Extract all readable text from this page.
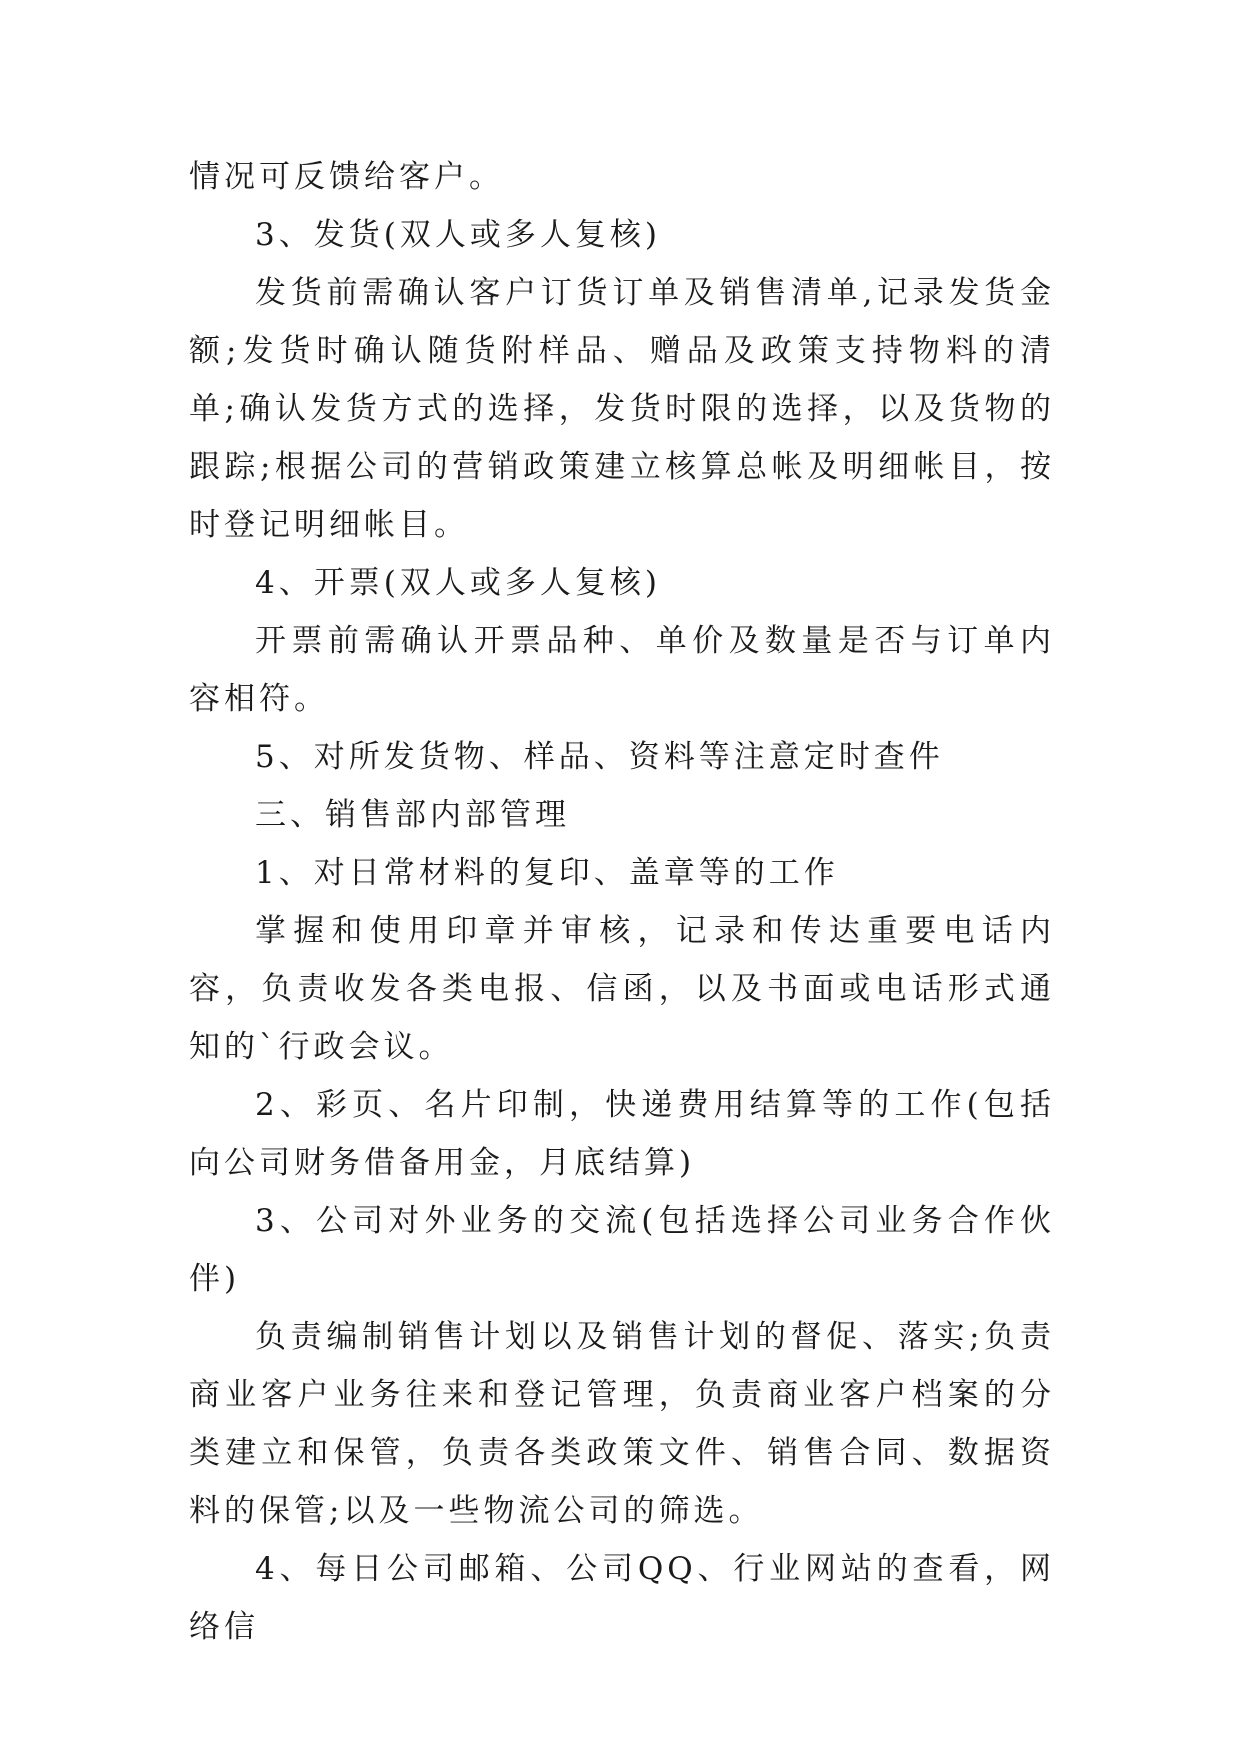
情况可反馈给客户。

3、发货(双人或多人复核)

发货前需确认客户订货订单及销售清单,记录发货金额;发货时确认随货附样品、赠品及政策支持物料的清单;确认发货方式的选择，发货时限的选择，以及货物的跟踪;根据公司的营销政策建立核算总帐及明细帐目，按时登记明细帐目。

4、开票(双人或多人复核)

开票前需确认开票品种、单价及数量是否与订单内容相符。

5、对所发货物、样品、资料等注意定时查件

三、销售部内部管理

1、对日常材料的复印、盖章等的工作

掌握和使用印章并审核，记录和传达重要电话内容，负责收发各类电报、信函，以及书面或电话形式通知的`行政会议。

2、彩页、名片印制，快递费用结算等的工作(包括向公司财务借备用金，月底结算)

3、公司对外业务的交流(包括选择公司业务合作伙伴)

负责编制销售计划以及销售计划的督促、落实;负责商业客户业务往来和登记管理，负责商业客户档案的分类建立和保管，负责各类政策文件、销售合同、数据资料的保管;以及一些物流公司的筛选。

4、每日公司邮箱、公司QQ、行业网站的查看，网络信
